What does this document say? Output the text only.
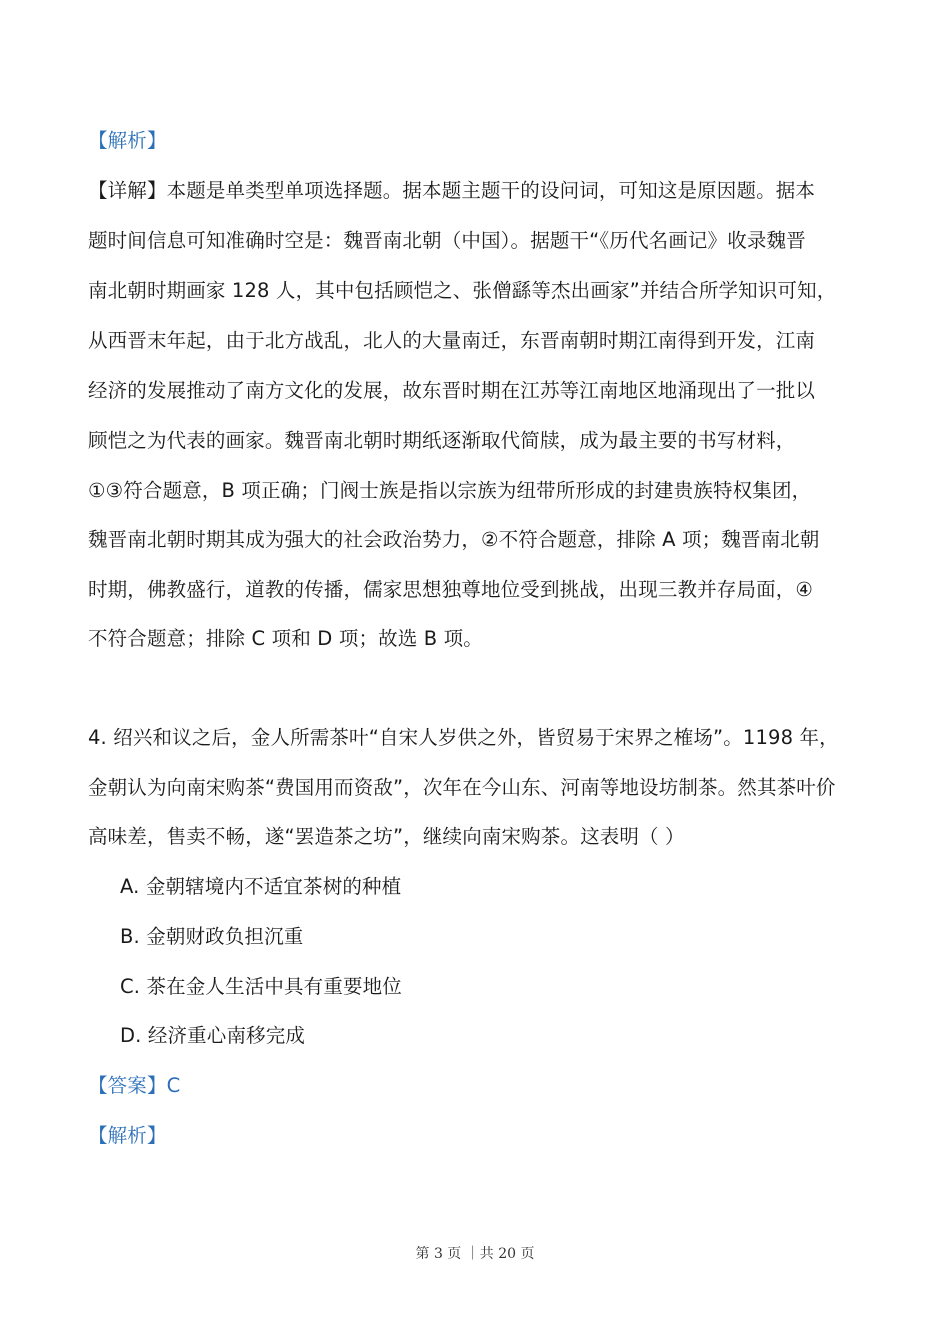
【解析】
【详解】本题是单类型单项选择题。据本题主题干的设问词，可知这是原因题。据本
题时间信息可知准确时空是：魏晋南北朝（中国）。据题干“《历代名画记》收录魏晋
南北朝时期画家 128 人，其中包括顾恺之、张僧繇等杰出画家”并结合所学知识可知，
从西晋末年起，由于北方战乱，北人的大量南迁，东晋南朝时期江南得到开发，江南
经济的发展推动了南方文化的发展，故东晋时期在江苏等江南地区地涌现出了一批以
顾恺之为代表的画家。魏晋南北朝时期纸逐渐取代简牍，成为最主要的书写材料，
①③符合题意，B 项正确；门阀士族是指以宗族为纽带所形成的封建贵族特权集团，
魏晋南北朝时期其成为强大的社会政治势力，②不符合题意，排除 A 项；魏晋南北朝
时期，佛教盛行，道教的传播，儒家思想独尊地位受到挑战，出现三教并存局面，④
不符合题意；排除 C 项和 D 项；故选 B 项。
4. 绍兴和议之后，金人所需茶叶“自宋人岁供之外，皆贸易于宋界之榷场”。1198 年，
金朝认为向南宋购茶“费国用而资敌”，次年在今山东、河南等地设坊制茶。然其茶叶价
高味差，售卖不畅，遂“罢造茶之坊”，继续向南宋购茶。这表明（ ）
A. 金朝辖境内不适宜茶树的种植
B. 金朝财政负担沉重
C. 茶在金人生活中具有重要地位
D. 经济重心南移完成
【答案】C
【解析】
第 3 页 ｜共 20 页
